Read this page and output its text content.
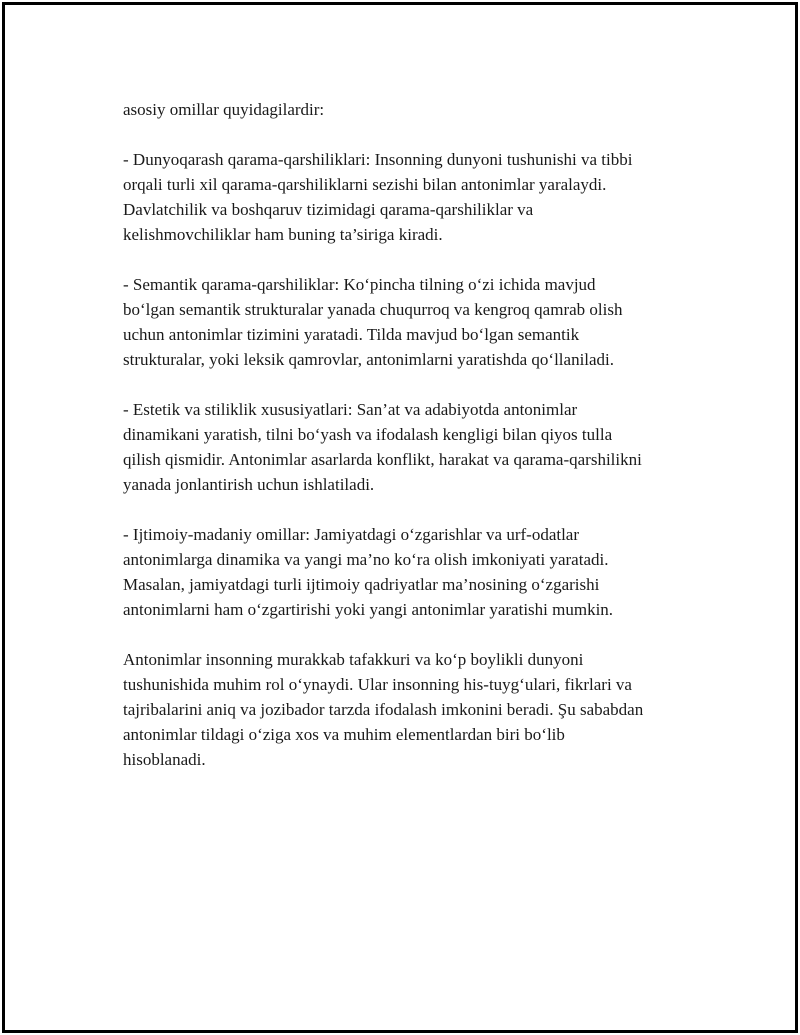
asosiy omillar quyidagilardir:

- Dunyoqarash qarama-qarshiliklari: Insonning dunyoni tushunishi va tibbi
orqali turli xil qarama-qarshiliklarni sezishi bilan antonimlar yaralaydi.
Davlatchilik va boshqaruv tizimidagi qarama-qarshiliklar va
kelishmovchiliklar ham buning ta’siriga kiradi.

- Semantik qarama-qarshiliklar: Ko‘pincha tilning o‘zi ichida mavjud
bo‘lgan semantik strukturalar yanada chuqurroq va kengroq qamrab olish
uchun antonimlar tizimini yaratadi. Tilda mavjud bo‘lgan semantik
strukturalar, yoki leksik qamrovlar, antonimlarni yaratishda qo‘llaniladi.

- Estetik va stiliklik xususiyatlari: San’at va adabiyotda antonimlar
dinamikani yaratish, tilni bo‘yash va ifodalash kengligi bilan qiyos tulla
qilish qismidir. Antonimlar asarlarda konflikt, harakat va qarama-qarshilikni
yanada jonlantirish uchun ishlatiladi.

- Ijtimoiy-madaniy omillar: Jamiyatdagi o‘zgarishlar va urf-odatlar
antonimlarga dinamika va yangi ma’no ko‘ra olish imkoniyati yaratadi.
Masalan, jamiyatdagi turli ijtimoiy qadriyatlar ma’nosining o‘zgarishi
antonimlarni ham o‘zgartirishi yoki yangi antonimlar yaratishi mumkin.

Antonimlar insonning murakkab tafakkuri va ko‘p boylikli dunyoni
tushunishida muhim rol o‘ynaydi. Ular insonning his-tuyg‘ulari, fikrlari va
tajribalarini aniq va jozibador tarzda ifodalash imkonini beradi. Şu sababdan
antonimlar tildagi o‘ziga xos va muhim elementlardan biri bo‘lib
hisoblanadi.
